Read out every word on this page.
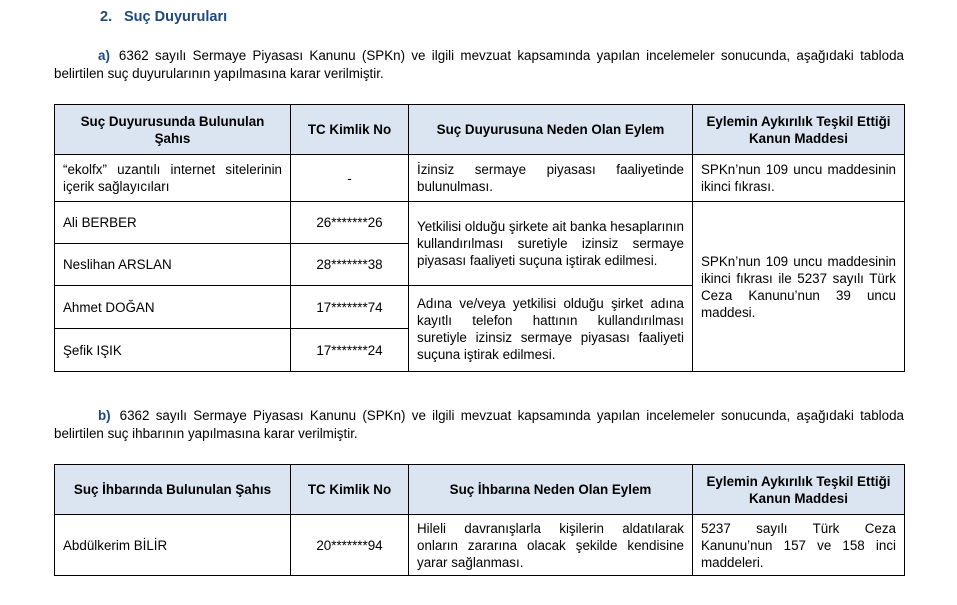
2. Suç Duyuruları
a) 6362 sayılı Sermaye Piyasası Kanunu (SPKn) ve ilgili mevzuat kapsamında yapılan incelemeler sonucunda, aşağıdaki tabloda belirtilen suç duyurularının yapılmasına karar verilmiştir.
Suç Duyurusunda Bulunulan Şahıs	TC Kimlik No	Suç Duyurusuna Neden Olan Eylem	Eylemin Aykırılık Teşkil Ettiği Kanun Maddesi
“ekolfx” uzantılı internet sitelerinin içerik sağlayıcıları	-	İzinsiz sermaye piyasası faaliyetinde bulunulması.	SPKn’nun 109 uncu maddesinin ikinci fıkrası.
Ali BERBER	26*******26	Yetkilisi olduğu şirkete ait banka hesaplarının kullandırılması suretiyle izinsiz sermaye piyasası faaliyeti suçuna iştirak edilmesi.	SPKn’nun 109 uncu maddesinin ikinci fıkrası ile 5237 sayılı Türk Ceza Kanunu’nun 39 uncu maddesi.
Neslihan ARSLAN	28*******38		
Ahmet DOĞAN	17*******74	Adına ve/veya yetkilisi olduğu şirket adına kayıtlı telefon hattının kullandırılması suretiyle izinsiz sermaye piyasası faaliyeti suçuna iştirak edilmesi.	
Şefik IŞIK	17*******24		
b) 6362 sayılı Sermaye Piyasası Kanunu (SPKn) ve ilgili mevzuat kapsamında yapılan incelemeler sonucunda, aşağıdaki tabloda belirtilen suç ihbarının yapılmasına karar verilmiştir.
Suç İhbarında Bulunulan Şahıs	TC Kimlik No	Suç İhbarına Neden Olan Eylem	Eylemin Aykırılık Teşkil Ettiği Kanun Maddesi
Abdülkerim BİLİR	20*******94	Hileli davranışlarla kişilerin aldatılarak onların zararına olacak şekilde kendisine yarar sağlanması.	5237 sayılı Türk Ceza Kanunu’nun 157 ve 158 inci maddeleri.
